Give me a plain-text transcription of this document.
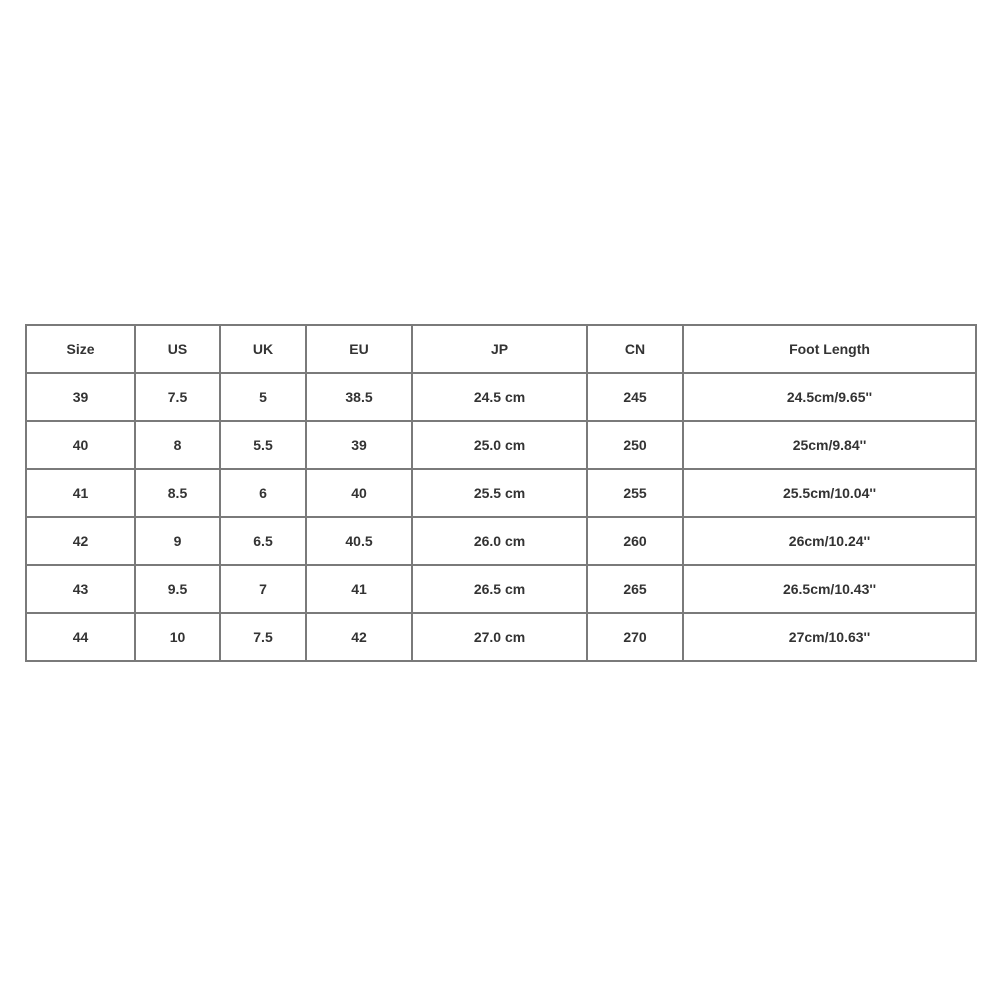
Size	US	UK	EU	JP	CN	Foot Length
39	7.5	5	38.5	24.5 cm	245	24.5cm/9.65''
40	8	5.5	39	25.0 cm	250	25cm/9.84''
41	8.5	6	40	25.5 cm	255	25.5cm/10.04''
42	9	6.5	40.5	26.0 cm	260	26cm/10.24''
43	9.5	7	41	26.5 cm	265	26.5cm/10.43''
44	10	7.5	42	27.0 cm	270	27cm/10.63''
